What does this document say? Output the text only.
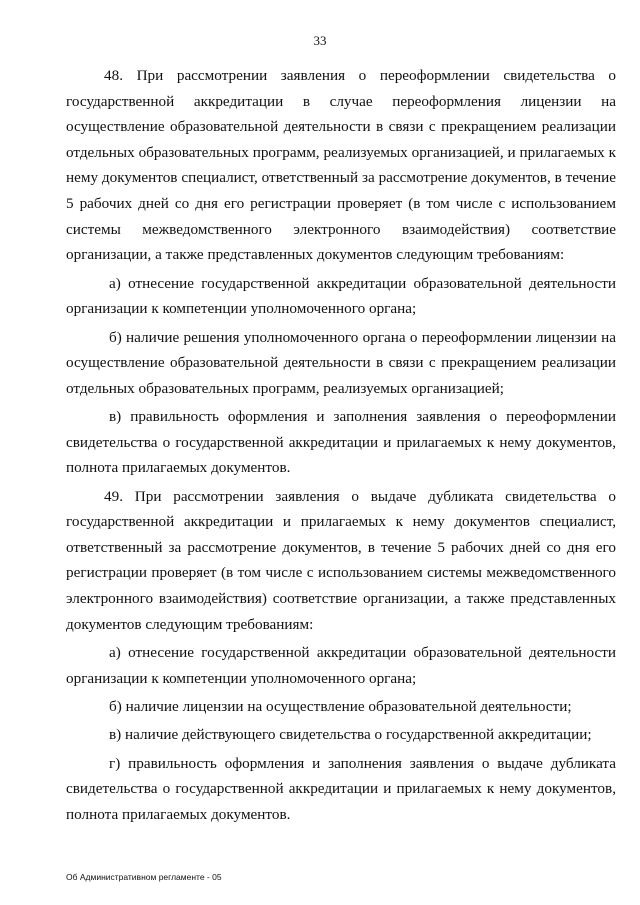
33

48. При рассмотрении заявления о переоформлении свидетельства о государственной аккредитации в случае переоформления лицензии на осуществление образовательной деятельности в связи с прекращением реализации отдельных образовательных программ, реализуемых организацией, и прилагаемых к нему документов специалист, ответственный за рассмотрение документов, в течение 5 рабочих дней со дня его регистрации проверяет (в том числе с использованием системы межведомственного электронного взаимодействия) соответствие организации, а также представленных документов следующим требованиям:

а) отнесение государственной аккредитации образовательной деятельности организации к компетенции уполномоченного органа;

б) наличие решения уполномоченного органа о переоформлении лицензии на осуществление образовательной деятельности в связи с прекращением реализации отдельных образовательных программ, реализуемых организацией;

в) правильность оформления и заполнения заявления о переоформлении свидетельства о государственной аккредитации и прилагаемых к нему документов, полнота прилагаемых документов.

49. При рассмотрении заявления о выдаче дубликата свидетельства о государственной аккредитации и прилагаемых к нему документов специалист, ответственный за рассмотрение документов, в течение 5 рабочих дней со дня его регистрации проверяет (в том числе с использованием системы межведомственного электронного взаимодействия) соответствие организации, а также представленных документов следующим требованиям:

а) отнесение государственной аккредитации образовательной деятельности организации к компетенции уполномоченного органа;

б) наличие лицензии на осуществление образовательной деятельности;

в) наличие действующего свидетельства о государственной аккредитации;

г) правильность оформления и заполнения заявления о выдаче дубликата свидетельства о государственной аккредитации и прилагаемых к нему документов, полнота прилагаемых документов.

Об Административном регламенте - 05
